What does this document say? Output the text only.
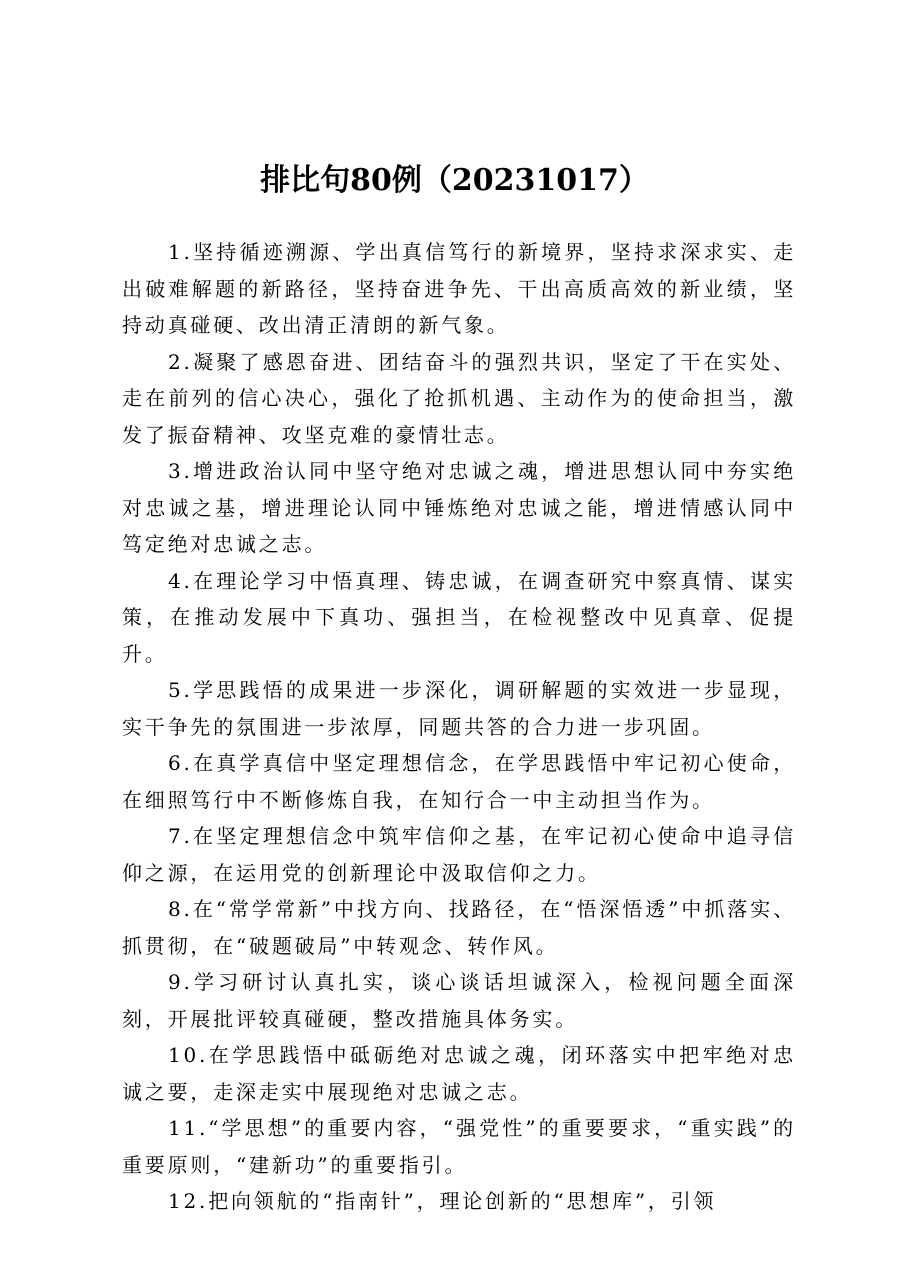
排比句80例（20231017）

1.坚持循迹溯源、学出真信笃行的新境界，坚持求深求实、走出破难解题的新路径，坚持奋进争先、干出高质高效的新业绩，坚持动真碰硬、改出清正清朗的新气象。

2.凝聚了感恩奋进、团结奋斗的强烈共识，坚定了干在实处、走在前列的信心决心，强化了抢抓机遇、主动作为的使命担当，激发了振奋精神、攻坚克难的豪情壮志。

3.增进政治认同中坚守绝对忠诚之魂，增进思想认同中夯实绝对忠诚之基，增进理论认同中锤炼绝对忠诚之能，增进情感认同中笃定绝对忠诚之志。

4.在理论学习中悟真理、铸忠诚，在调查研究中察真情、谋实策，在推动发展中下真功、强担当，在检视整改中见真章、促提升。

5.学思践悟的成果进一步深化，调研解题的实效进一步显现，实干争先的氛围进一步浓厚，同题共答的合力进一步巩固。

6.在真学真信中坚定理想信念，在学思践悟中牢记初心使命，在细照笃行中不断修炼自我，在知行合一中主动担当作为。

7.在坚定理想信念中筑牢信仰之基，在牢记初心使命中追寻信仰之源，在运用党的创新理论中汲取信仰之力。

8.在“常学常新”中找方向、找路径，在“悟深悟透”中抓落实、抓贯彻，在“破题破局”中转观念、转作风。

9.学习研讨认真扎实，谈心谈话坦诚深入，检视问题全面深刻，开展批评较真碰硬，整改措施具体务实。

10.在学思践悟中砥砺绝对忠诚之魂，闭环落实中把牢绝对忠诚之要，走深走实中展现绝对忠诚之志。

11.“学思想”的重要内容，“强党性”的重要要求，“重实践”的重要原则，“建新功”的重要指引。

12.把向领航的“指南针”，理论创新的“思想库”，引领
